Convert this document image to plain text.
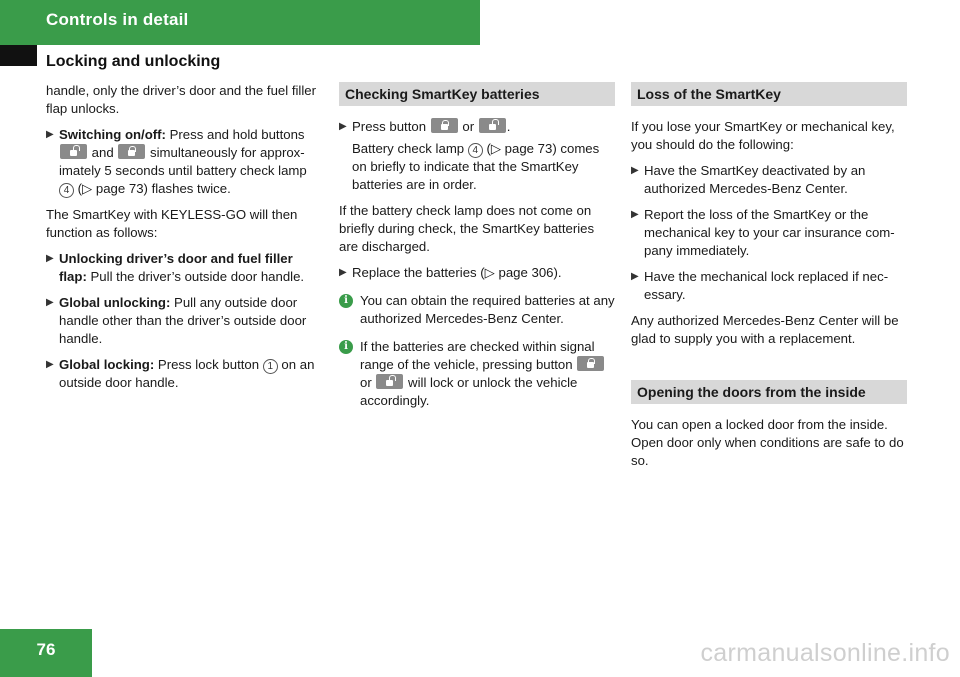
Controls in detail
Locking and unlocking

handle, only the driver’s door and the fuel filler flap unlocks.

▶ Switching on/off: Press and hold buttons
and
simultaneously for approx-imately 5 seconds until battery check lamp 4 (▷ page 73) flashes twice.

The SmartKey with KEYLESS-GO will then function as follows:

▶ Unlocking driver’s door and fuel filler flap: Pull the driver’s outside door handle.
▶ Global unlocking: Pull any outside door handle other than the driver’s outside door handle.
▶ Global locking: Press lock button 1 on an outside door handle.
Checking SmartKey batteries
▶ Press button
or
.
Battery check lamp 4 (▷ page 73) comes on briefly to indicate that the SmartKey batteries are in order.

If the battery check lamp does not come on briefly during check, the SmartKey batteries are discharged.

▶ Replace the batteries (▷ page 306).
i You can obtain the required batteries at any authorized Mercedes-Benz Center.
i If the batteries are checked within signal range of the vehicle, pressing button
or
will lock or unlock the vehicle accordingly.
Loss of the SmartKey

If you lose your SmartKey or mechanical key, you should do the following:

▶ Have the SmartKey deactivated by an authorized Mercedes-Benz Center.
▶ Report the loss of the SmartKey or the mechanical key to your car insurance com-pany immediately.
▶ Have the mechanical lock replaced if nec-essary.

Any authorized Mercedes-Benz Center will be glad to supply you with a replacement.

Opening the doors from the inside

You can open a locked door from the inside. Open door only when conditions are safe to do so.

76	carmanualsonline.info
